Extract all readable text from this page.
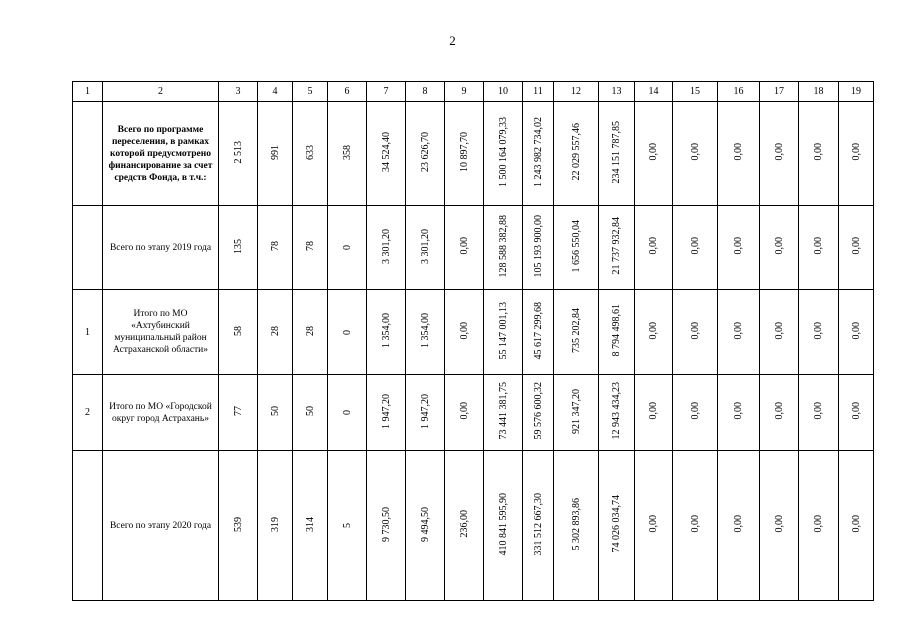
2
1	2	3	4	5	6	7	8	9	10	11	12	13	14	15	16	17	18	19
	Всего по программе переселения, в рамках которой предусмотрено финансирование за счет средств Фонда, в т.ч.:	2 513	991	633	358	34 524,40	23 626,70	10 897,70	1 500 164 079,33	1 243 982 734,02	22 029 557,46	234 151 787,85	0,00	0,00	0,00	0,00	0,00	0,00
	Всего по этапу 2019 года	135	78	78	0	3 301,20	3 301,20	0,00	128 588 382,88	105 193 900,00	1 656 550,04	21 737 932,84	0,00	0,00	0,00	0,00	0,00	0,00
1	Итого по МО «Ахтубинский муниципальный район Астраханской области»	58	28	28	0	1 354,00	1 354,00	0,00	55 147 001,13	45 617 299,68	735 202,84	8 794 498,61	0,00	0,00	0,00	0,00	0,00	0,00
2	Итого по МО «Городской округ город Астрахань»	77	50	50	0	1 947,20	1 947,20	0,00	73 441 381,75	59 576 600,32	921 347,20	12 943 434,23	0,00	0,00	0,00	0,00	0,00	0,00
	Всего по этапу 2020 года	539	319	314	5	9 730,50	9 494,50	236,00	410 841 595,90	331 512 667,30	5 302 893,86	74 026 034,74	0,00	0,00	0,00	0,00	0,00	0,00
